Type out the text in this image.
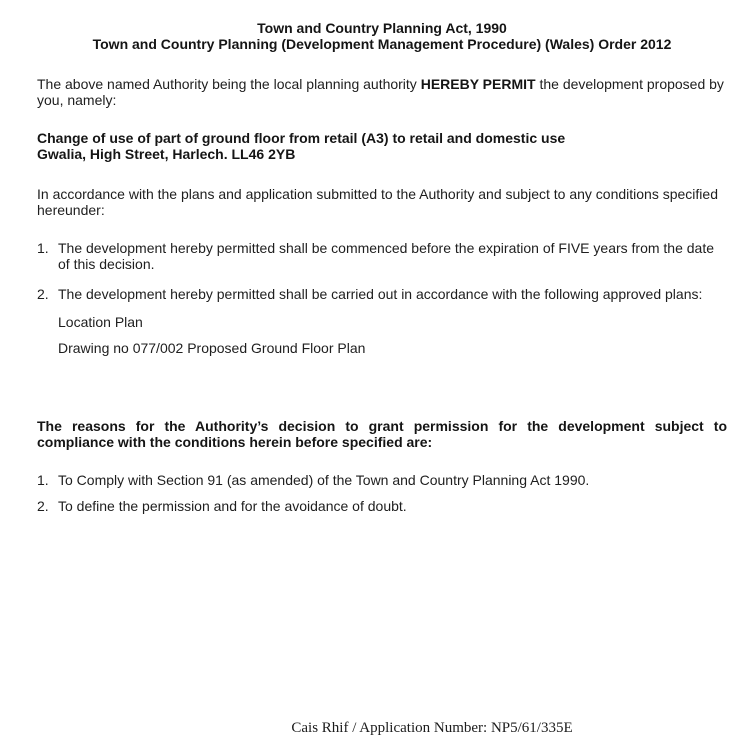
Town and Country Planning Act, 1990
Town and Country Planning (Development Management Procedure) (Wales) Order 2012

The above named Authority being the local planning authority HEREBY PERMIT the development proposed by you, namely:

Change of use of part of ground floor from retail (A3) to retail and domestic use
Gwalia, High Street, Harlech. LL46 2YB

In accordance with the plans and application submitted to the Authority and subject to any conditions specified hereunder:

1. The development hereby permitted shall be commenced before the expiration of FIVE years from the date of this decision.
2. The development hereby permitted shall be carried out in accordance with the following approved plans:
Location Plan
Drawing no 077/002 Proposed Ground Floor Plan
The reasons for the Authority’s decision to grant permission for the development subject to compliance with the conditions herein before specified are:
1. To Comply with Section 91 (as amended) of the Town and Country Planning Act 1990.
2. To define the permission and for the avoidance of doubt.
Cais Rhif / Application Number: NP5/61/335E
